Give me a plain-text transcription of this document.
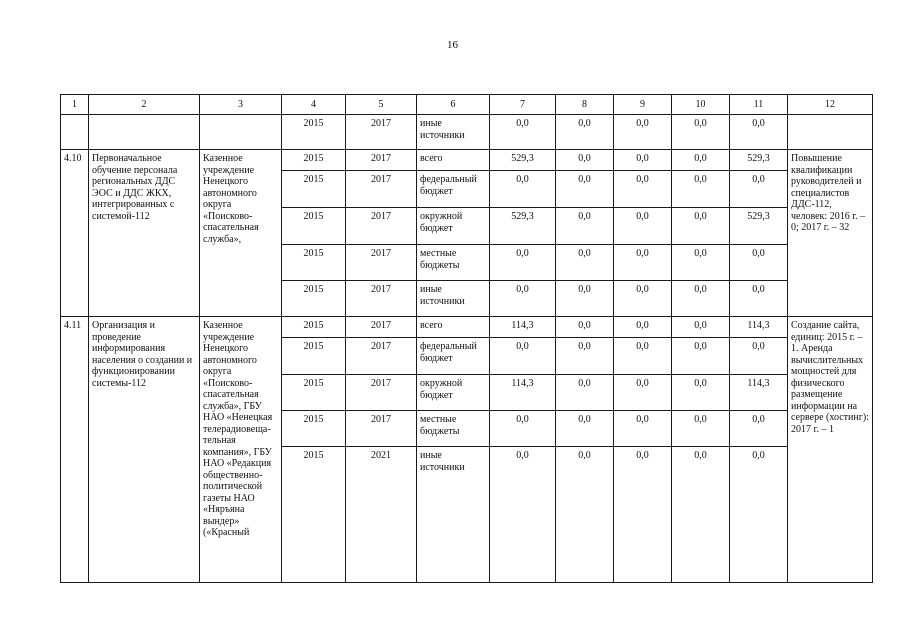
16
1	2	3	4	5	6	7	8	9	10	11	12
			2015	2017	иные источники	0,0	0,0	0,0	0,0	0,0	
4.10	Первоначальное обучение персонала региональных ДДС ЭОС и ДДС ЖКХ, интегрированных с системой-112	Казенное учреждение Ненецкого автономного округа «Поисково-спасательная служба»,	2015	2017	всего	529,3	0,0	0,0	0,0	529,3	Повышение квалификации руководителей и специалистов ДДС-112, человек: 2016 г. – 0; 2017 г. – 32
			2015	2017	федеральный бюджет	0,0	0,0	0,0	0,0	0,0	
			2015	2017	окружной бюджет	529,3	0,0	0,0	0,0	529,3	
			2015	2017	местные бюджеты	0,0	0,0	0,0	0,0	0,0	
			2015	2017	иные источники	0,0	0,0	0,0	0,0	0,0	
4.11	Организация и проведение информирования населения о создании и функционировании системы-112	Казенное учреждение Ненецкого автономного округа «Поисково-спасательная служба», ГБУ НАО «Ненецкая телерадиовеща-тельная компания», ГБУ НАО «Редакция общественно-политической газеты НАО «Няръяна вындер» («Красный	2015	2017	всего	114,3	0,0	0,0	0,0	114,3	Создание сайта, единиц: 2015 г. – 1. Аренда вычислительных мощностей для физического размещение информации на сервере (хостинг): 2017 г. – 1
			2015	2017	федеральный бюджет	0,0	0,0	0,0	0,0	0,0	
			2015	2017	окружной бюджет	114,3	0,0	0,0	0,0	114,3	
			2015	2017	местные бюджеты	0,0	0,0	0,0	0,0	0,0	
			2015	2021	иные источники	0,0	0,0	0,0	0,0	0,0	
